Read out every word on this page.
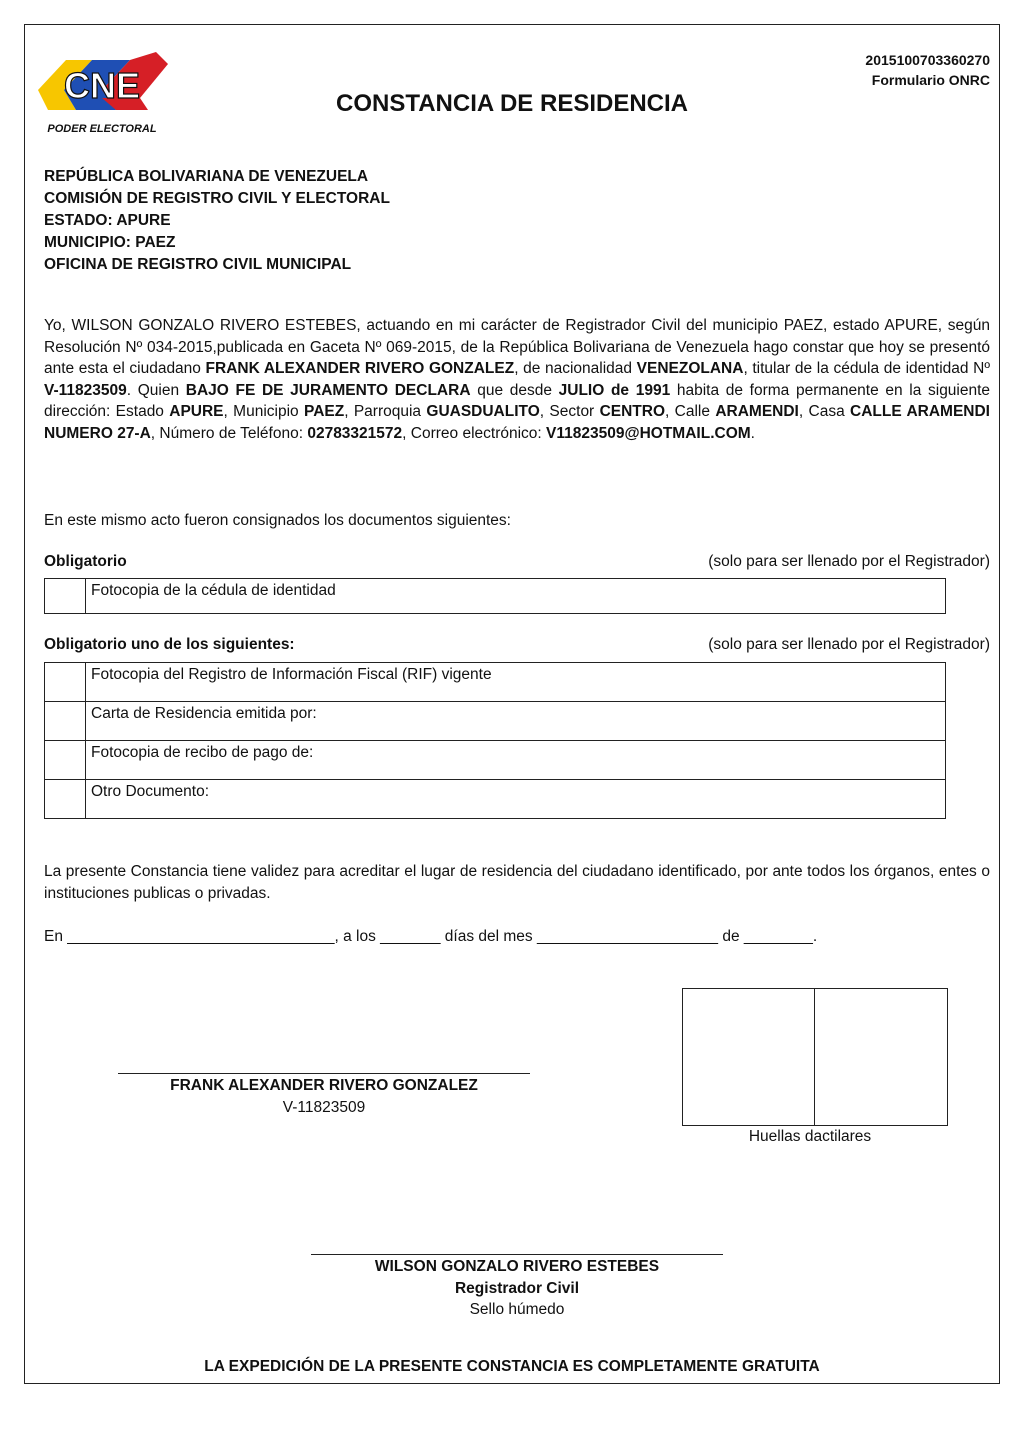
CNE
PODER ELECTORAL
2015100703360270
Formulario ONRC
CONSTANCIA DE RESIDENCIA
REPÚBLICA BOLIVARIANA DE VENEZUELA
COMISIÓN DE REGISTRO CIVIL Y ELECTORAL
ESTADO: APURE
MUNICIPIO: PAEZ
OFICINA DE REGISTRO CIVIL MUNICIPAL
Yo, WILSON GONZALO RIVERO ESTEBES, actuando en mi carácter de Registrador Civil del municipio PAEZ, estado APURE, según Resolución Nº 034-2015,publicada en Gaceta Nº 069-2015, de la República Bolivariana de Venezuela hago constar que hoy se presentó ante esta el ciudadano FRANK ALEXANDER RIVERO GONZALEZ, de nacionalidad VENEZOLANA, titular de la cédula de identidad Nº V-11823509. Quien BAJO FE DE JURAMENTO DECLARA que desde JULIO de 1991 habita de forma permanente en la siguiente dirección: Estado APURE, Municipio PAEZ, Parroquia GUASDUALITO, Sector CENTRO, Calle ARAMENDI, Casa CALLE ARAMENDI NUMERO 27-A, Número de Teléfono: 02783321572, Correo electrónico: V11823509@HOTMAIL.COM.
En este mismo acto fueron consignados los documentos siguientes:
Obligatorio	(solo para ser llenado por el Registrador)
	Fotocopia de la cédula de identidad
Obligatorio uno de los siguientes:	(solo para ser llenado por el Registrador)
	Fotocopia del Registro de Información Fiscal (RIF) vigente
	Carta de Residencia emitida por:
	Fotocopia de recibo de pago de:
	Otro Documento:
La presente Constancia tiene validez para acreditar el lugar de residencia del ciudadano identificado, por ante todos los órganos, entes o instituciones publicas o privadas.
En _______________________________, a los _______ días del mes _____________________ de ________.
Huellas dactilares
FRANK ALEXANDER RIVERO GONZALEZ
V-11823509
WILSON GONZALO RIVERO ESTEBES
Registrador Civil
Sello húmedo
LA EXPEDICIÓN DE LA PRESENTE CONSTANCIA ES COMPLETAMENTE GRATUITA
